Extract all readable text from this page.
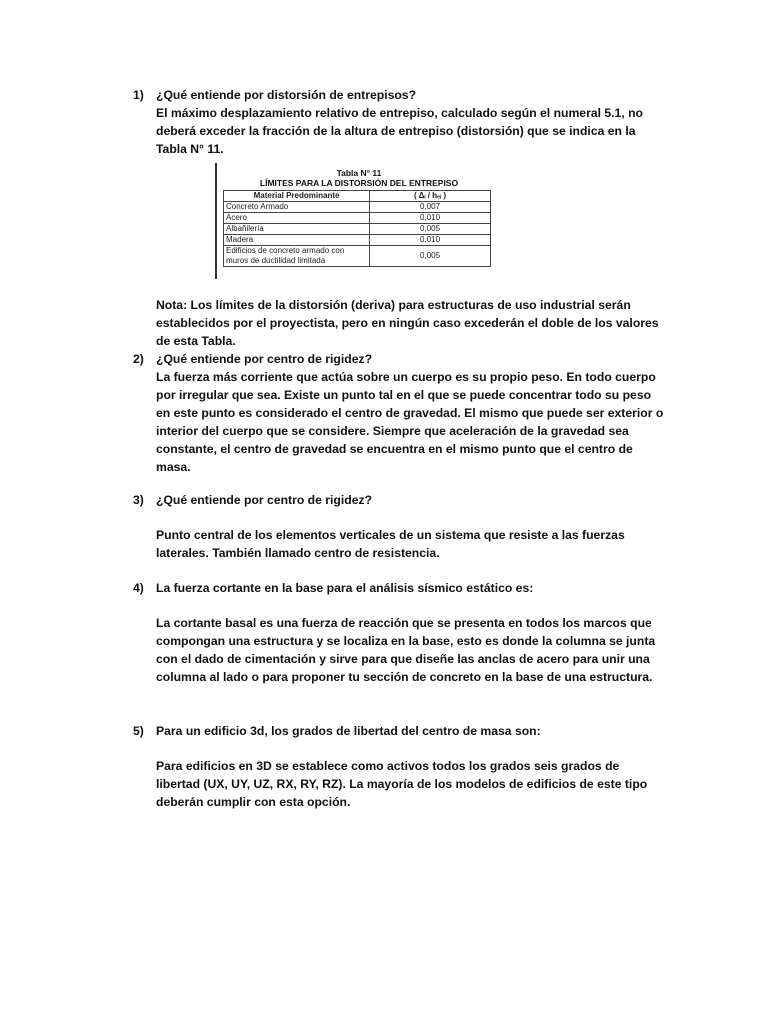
1) ¿Qué entiende por distorsión de entrepisos?

El máximo desplazamiento relativo de entrepiso, calculado según el numeral 5.1, no deberá exceder la fracción de la altura de entrepiso (distorsión) que se indica en la Tabla N° 11.

Tabla N° 11
LÍMITES PARA LA DISTORSIÓN DEL ENTREPISO
Material Predominante	( Δᵢ / hₑᵢ )
Concreto Armado	0,007
Acero	0,010
Albañilería	0,005
Madera	0,010
Edificios de concreto armado con muros de ductilidad limitada	0,005

Nota: Los límites de la distorsión (deriva) para estructuras de uso industrial serán establecidos por el proyectista, pero en ningún caso excederán el doble de los valores de esta Tabla.

2) ¿Qué entiende por centro de rigidez?

La fuerza más corriente que actúa sobre un cuerpo es su propio peso. En todo cuerpo por irregular que sea. Existe un punto tal en el que se puede concentrar todo su peso en este punto es considerado el centro de gravedad. El mismo que puede ser exterior o interior del cuerpo que se considere. Siempre que aceleración de la gravedad sea constante, el centro de gravedad se encuentra en el mismo punto que el centro de masa.

3) ¿Qué entiende por centro de rigidez?

Punto central de los elementos verticales de un sistema que resiste a las fuerzas laterales. También llamado centro de resistencia.

4) La fuerza cortante en la base para el análisis sísmico estático es:

La cortante basal es una fuerza de reacción que se presenta en todos los marcos que compongan una estructura y se localiza en la base, esto es donde la columna se junta con el dado de cimentación y sirve para que diseñe las anclas de acero para unir una columna al lado o para proponer tu sección de concreto en la base de una estructura.

5) Para un edificio 3d, los grados de libertad del centro de masa son:

Para edificios en 3D se establece como activos todos los grados seis grados de libertad (UX, UY, UZ, RX, RY, RZ). La mayoría de los modelos de edificios de este tipo deberán cumplir con esta opción.
